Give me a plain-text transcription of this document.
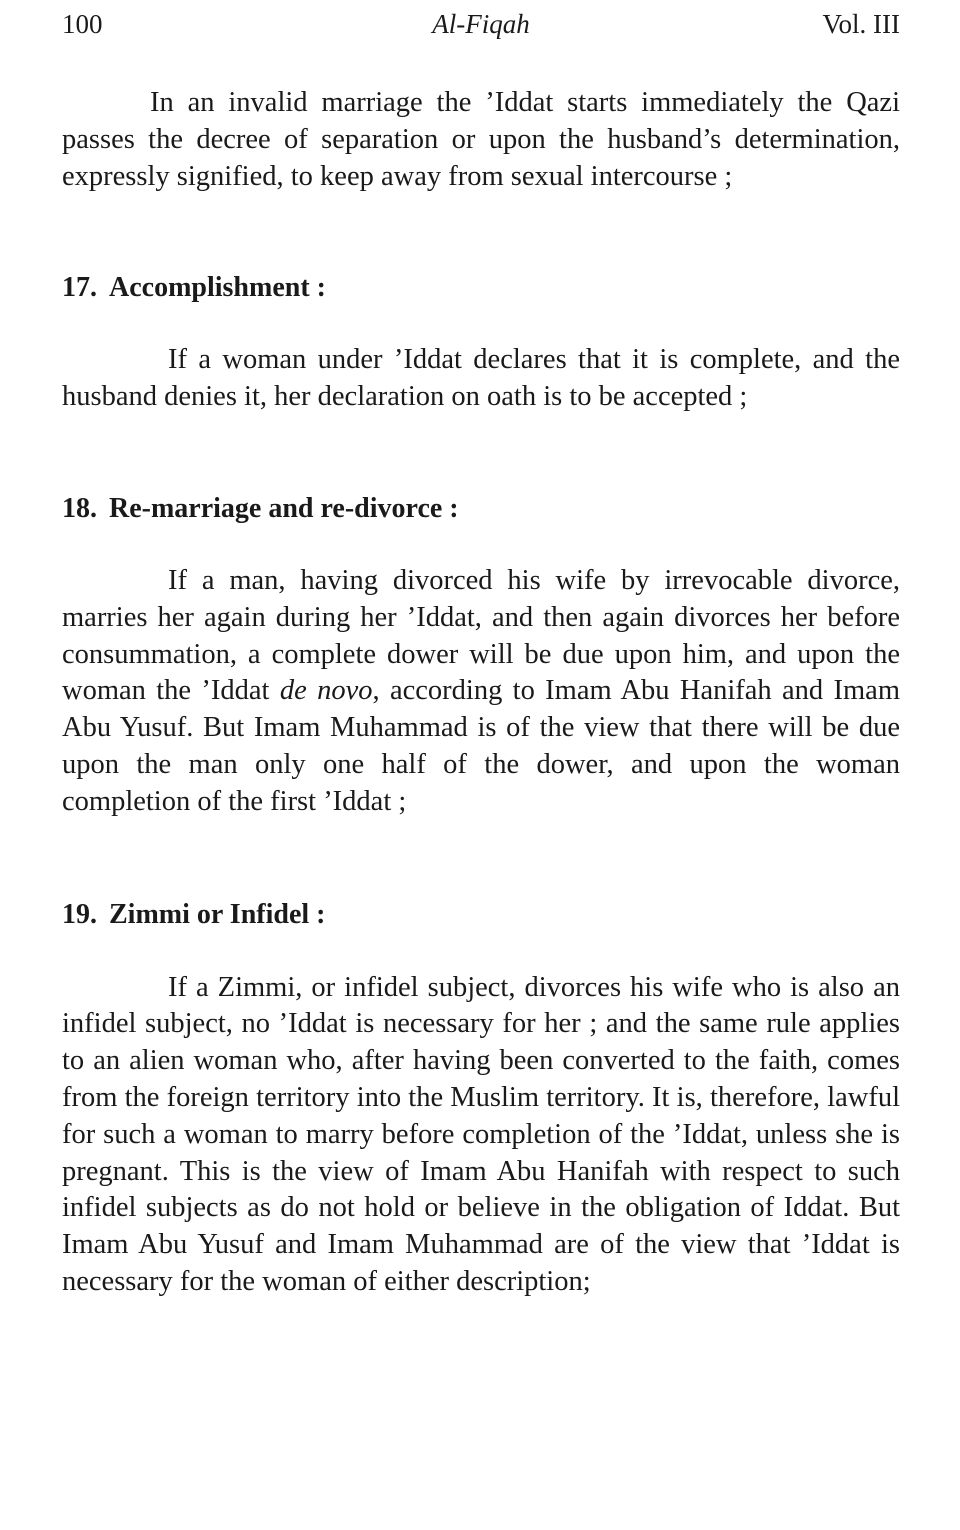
100	Al-Fiqah	Vol. III

In an invalid marriage the ’Iddat starts immediately the Qazi passes the decree of separation or upon the husband’s determination, expressly signified, to keep away from sexual intercourse ;

17. Accomplishment :

If a woman under ’Iddat declares that it is complete, and the husband denies it, her declaration on oath is to be accepted ;

18. Re-marriage and re-divorce :

If a man, having divorced his wife by irrevocable divorce, marries her again during her ’Iddat, and then again divorces her before consummation, a complete dower will be due upon him, and upon the woman the ’Iddat de novo, according to Imam Abu Hanifah and Imam Abu Yusuf. But Imam Muhammad is of the view that there will be due upon the man only one half of the dower, and upon the woman completion of the first ’Iddat ;

19. Zimmi or Infidel :

If a Zimmi, or infidel subject, divorces his wife who is also an infidel subject, no ’Iddat is necessary for her ; and the same rule applies to an alien woman who, after having been converted to the faith, comes from the foreign territory into the Muslim territory. It is, therefore, lawful for such a woman to marry before completion of the ’Iddat, unless she is pregnant. This is the view of Imam Abu Hanifah with respect to such infidel subjects as do not hold or believe in the obligation of Iddat. But Imam Abu Yusuf and Imam Muhammad are of the view that ’Iddat is necessary for the woman of either description;
